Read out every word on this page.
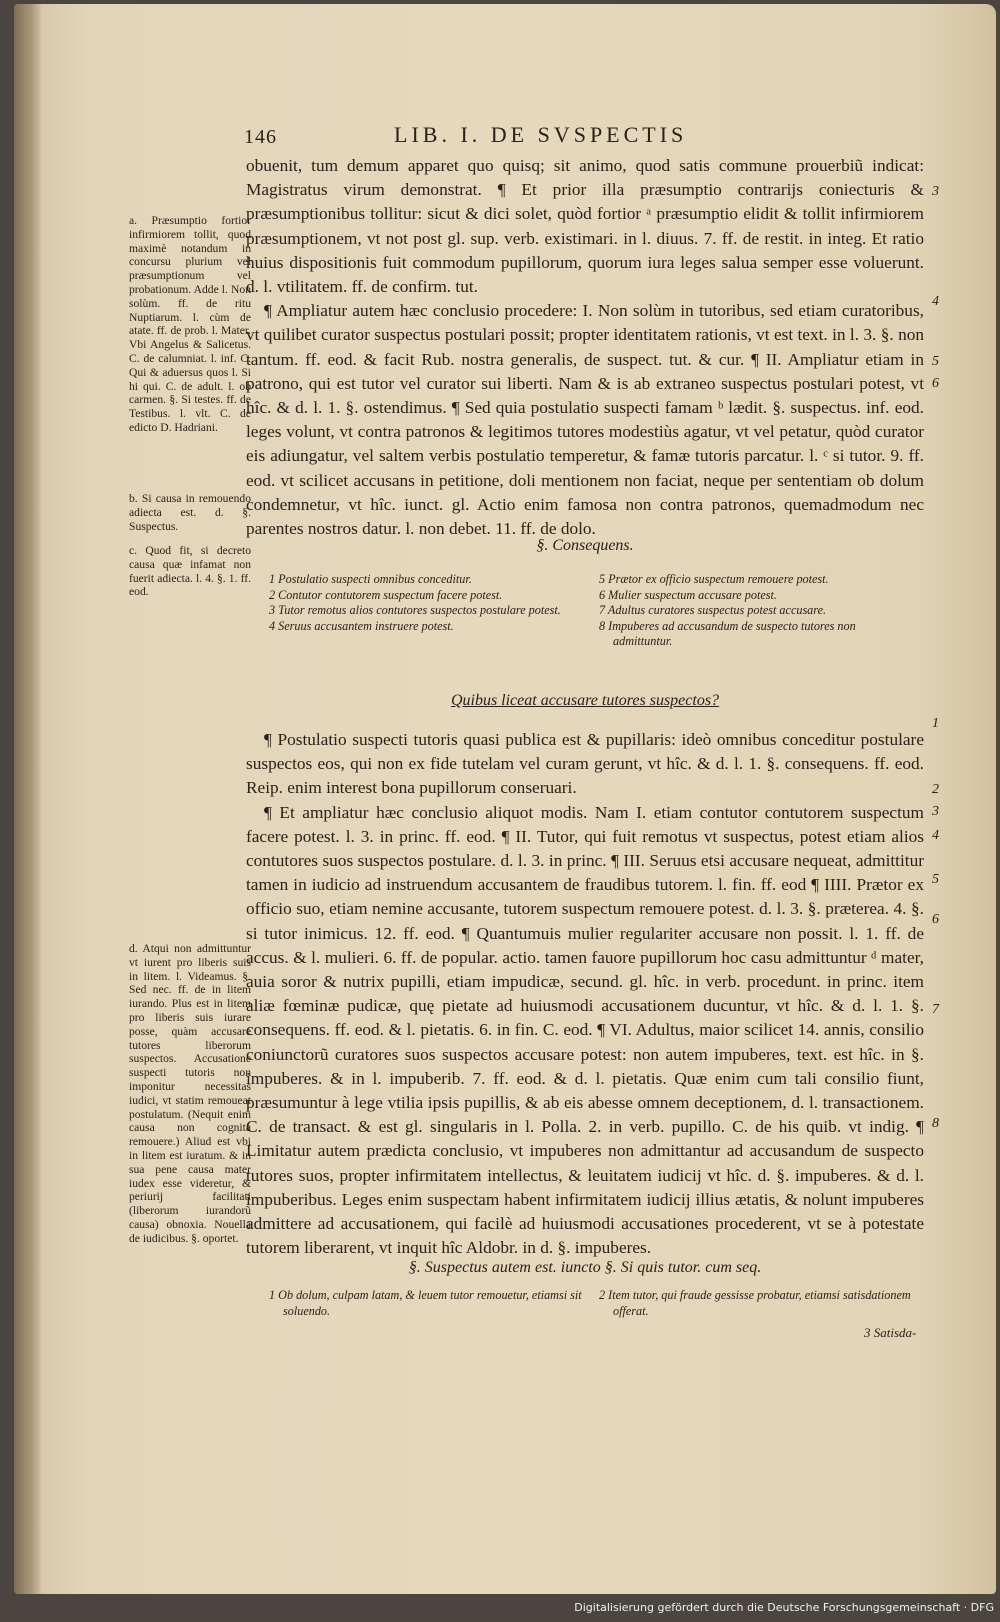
146	LIB. I. DE SVSPECTIS
a. Præsumptio fortior infirmiorem tollit, quod maximè notandum in concursu plurium vel præsumptionum vel probationum. Adde l. Non solùm. ff. de ritu Nuptiarum. l. cùm de atate. ff. de prob. l. Mater. Vbi Angelus & Salicetus. C. de calumniat. l. inf. C. Qui & aduersus quos l. Si hi qui. C. de adult. l. ob carmen. §. Si testes. ff. de Testibus. l. vlt. C. de edicto D. Hadriani.
b. Si causa in remouendo adiecta est. d. §. Suspectus.
c. Quod fit, si decreto causa quæ infamat non fuerit adiecta. l. 4. §. 1. ff. eod.
d. Atqui non admittuntur vt iurent pro liberis suis in litem. l. Videamus. §. Sed nec. ff. de in litem iurando. Plus est in litem pro liberis suis iurare posse, quàm accusare tutores liberorum suspectos. Accusatione suspecti tutoris non imponitur necessitas iudici, vt statim remoueat postulatum. (Nequit enim causa non cognita remouere.) Aliud est vbi in litem est iuratum. & in sua pene causa mater iudex esse videretur, & periurij facilitati (liberorum iurandorũ causa) obnoxia. Nouella de iudicibus. §. oportet.

obuenit, tum demum apparet quo quisq; sit animo, quod satis commune prouerbiũ indicat: Magistratus virum demonstrat. ¶ Et prior illa præsumptio contrarijs coniecturis & præsumptionibus tollitur: sicut & dici solet, quòd fortior ᵃ præsumptio elidit & tollit infirmiorem præsumptionem, vt not post gl. sup. verb. existimari. in l. diuus. 7. ff. de restit. in integ. Et ratio huius dispositionis fuit commodum pupillorum, quorum iura leges salua semper esse voluerunt. d. l. vtilitatem. ff. de confirm. tut.

¶ Ampliatur autem hæc conclusio procedere: I. Non solùm in tutoribus, sed etiam curatoribus, vt quilibet curator suspectus postulari possit; propter identitatem rationis, vt est text. in l. 3. §. non tantum. ff. eod. & facit Rub. nostra generalis, de suspect. tut. & cur. ¶ II. Ampliatur etiam in patrono, qui est tutor vel curator sui liberti. Nam & is ab extraneo suspectus postulari potest, vt hîc. & d. l. 1. §. ostendimus. ¶ Sed quia postulatio suspecti famam ᵇ lædit. §. suspectus. inf. eod. leges volunt, vt contra patronos & legitimos tutores modestiùs agatur, vt vel petatur, quòd curator eis adiungatur, vel saltem verbis postulatio temperetur, & famæ tutoris parcatur. l. ᶜ si tutor. 9. ff. eod. vt scilicet accusans in petitione, doli mentionem non faciat, neque per sententiam ob dolum condemnetur, vt hîc. iunct. gl. Actio enim famosa non contra patronos, quemadmodum nec parentes nostros datur. l. non debet. 11. ff. de dolo.

§. Consequens.
1 Postulatio suspecti omnibus conceditur.
2 Contutor contutorem suspectum facere potest.
3 Tutor remotus alios contutores suspectos postulare potest.
4 Seruus accusantem instruere potest.
5 Prætor ex officio suspectum remouere potest.
6 Mulier suspectum accusare potest.
7 Adultus curatores suspectus potest accusare.
8 Impuberes ad accusandum de suspecto tutores non admittuntur.
Quibus liceat accusare tutores suspectos?

¶ Postulatio suspecti tutoris quasi publica est & pupillaris: ideò omnibus conceditur postulare suspectos eos, qui non ex fide tutelam vel curam gerunt, vt hîc. & d. l. 1. §. consequens. ff. eod. Reip. enim interest bona pupillorum conseruari.

¶ Et ampliatur hæc conclusio aliquot modis. Nam I. etiam contutor contutorem suspectum facere potest. l. 3. in princ. ff. eod. ¶ II. Tutor, qui fuit remotus vt suspectus, potest etiam alios contutores suos suspectos postulare. d. l. 3. in princ. ¶ III. Seruus etsi accusare nequeat, admittitur tamen in iudicio ad instruendum accusantem de fraudibus tutorem. l. fin. ff. eod ¶ IIII. Prætor ex officio suo, etiam nemine accusante, tutorem suspectum remouere potest. d. l. 3. §. præterea. 4. §. si tutor inimicus. 12. ff. eod. ¶ Quantumuis mulier regulariter accusare non possit. l. 1. ff. de accus. & l. mulieri. 6. ff. de popular. actio. tamen fauore pupillorum hoc casu admittuntur ᵈ mater, auia soror & nutrix pupilli, etiam impudicæ, secund. gl. hîc. in verb. procedunt. in princ. item aliæ fœminæ pudicæ, quę pietate ad huiusmodi accusationem ducuntur, vt hîc. & d. l. 1. §. consequens. ff. eod. & l. pietatis. 6. in fin. C. eod. ¶ VI. Adultus, maior scilicet 14. annis, consilio coniunctorũ curatores suos suspectos accusare potest: non autem impuberes, text. est hîc. in §. impuberes. & in l. impuberib. 7. ff. eod. & d. l. pietatis. Quæ enim cum tali consilio fiunt, præsumuntur à lege vtilia ipsis pupillis, & ab eis abesse omnem deceptionem, d. l. transactionem. C. de transact. & est gl. singularis in l. Polla. 2. in verb. pupillo. C. de his quib. vt indig. ¶ Limitatur autem prædicta conclusio, vt impuberes non admittantur ad accusandum de suspecto tutores suos, propter infirmitatem intellectus, & leuitatem iudicij vt hîc. d. §. impuberes. & d. l. impuberibus. Leges enim suspectam habent infirmitatem iudicij illius ætatis, & nolunt impuberes admittere ad accusationem, qui facilè ad huiusmodi accusationes procederent, vt se à potestate tutorem liberarent, vt inquit hîc Aldobr. in d. §. impuberes.

§. Suspectus autem est. iuncto §. Si quis tutor. cum seq.
1 Ob dolum, culpam latam, & leuem tutor remouetur, etiamsi sit soluendo.
2 Item tutor, qui fraude gessisse probatur, etiamsi satisdationem offerat.
3 Satisda-
3
4
5
6
1
2
3
4
5
6
7
8
Digitalisierung gefördert durch die Deutsche Forschungsgemeinschaft · DFG
